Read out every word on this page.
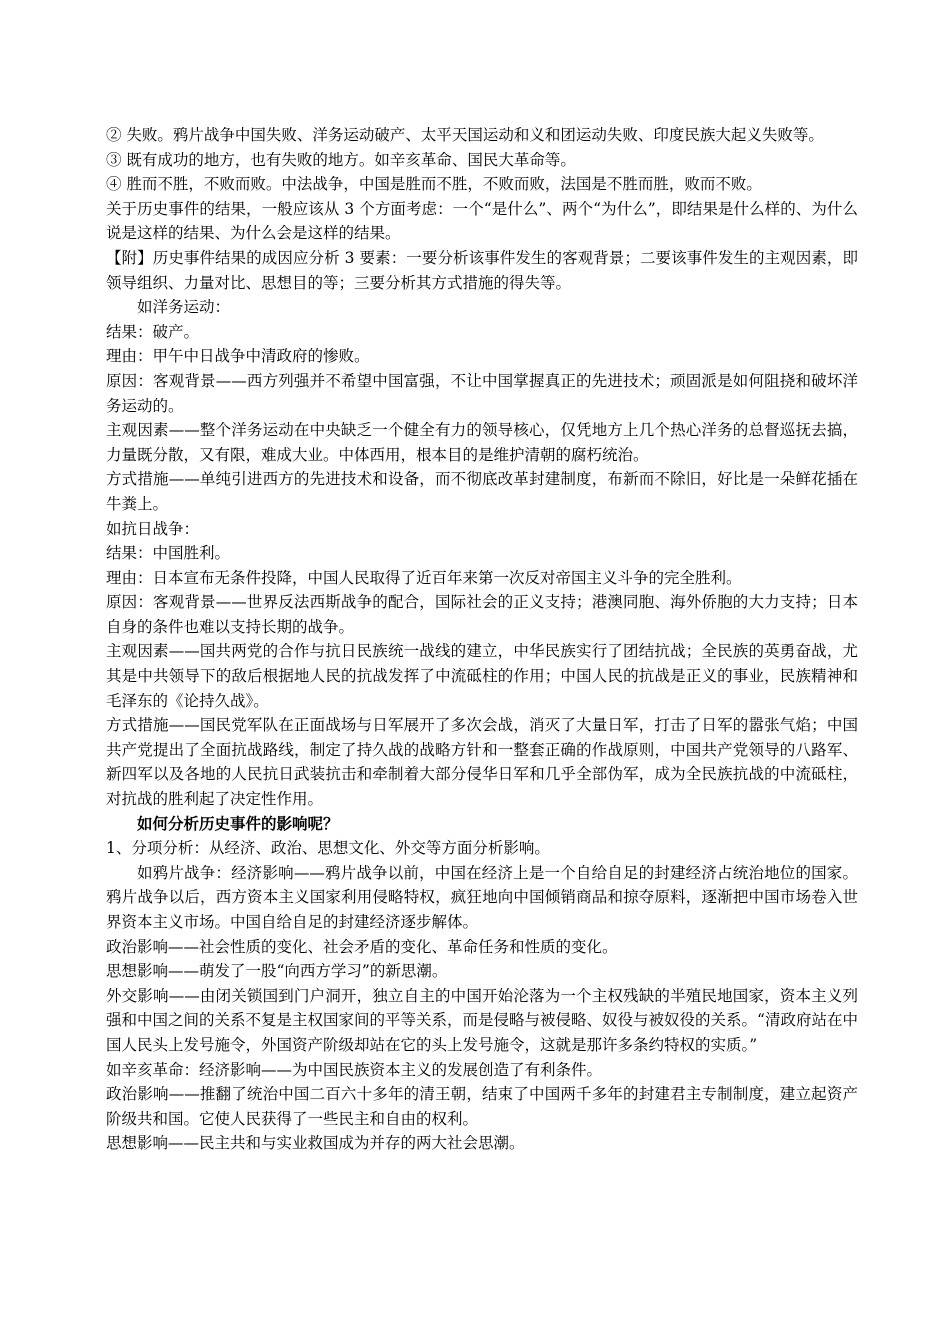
② 失败。鸦片战争中国失败、洋务运动破产、太平天国运动和义和团运动失败、印度民族大起义失败等。

③ 既有成功的地方，也有失败的地方。如辛亥革命、国民大革命等。

④ 胜而不胜，不败而败。中法战争，中国是胜而不胜，不败而败，法国是不胜而胜，败而不败。

关于历史事件的结果，一般应该从 3 个方面考虑：一个“是什么”、两个“为什么”，即结果是什么样的、为什么说是这样的结果、为什么会是这样的结果。

【附】历史事件结果的成因应分析 3 要素：一要分析该事件发生的客观背景；二要该事件发生的主观因素，即领导组织、力量对比、思想目的等；三要分析其方式措施的得失等。

如洋务运动：

结果：破产。

理由：甲午中日战争中清政府的惨败。

原因：客观背景——西方列强并不希望中国富强，不让中国掌握真正的先进技术；顽固派是如何阻挠和破坏洋务运动的。

主观因素——整个洋务运动在中央缺乏一个健全有力的领导核心，仅凭地方上几个热心洋务的总督巡抚去搞，力量既分散，又有限，难成大业。中体西用，根本目的是维护清朝的腐朽统治。

方式措施——单纯引进西方的先进技术和设备，而不彻底改革封建制度，布新而不除旧，好比是一朵鲜花插在牛粪上。

如抗日战争：

结果：中国胜利。

理由：日本宣布无条件投降，中国人民取得了近百年来第一次反对帝国主义斗争的完全胜利。

原因：客观背景——世界反法西斯战争的配合，国际社会的正义支持；港澳同胞、海外侨胞的大力支持；日本自身的条件也难以支持长期的战争。

主观因素——国共两党的合作与抗日民族统一战线的建立，中华民族实行了团结抗战；全民族的英勇奋战，尤其是中共领导下的敌后根据地人民的抗战发挥了中流砥柱的作用；中国人民的抗战是正义的事业，民族精神和毛泽东的《论持久战》。

方式措施——国民党军队在正面战场与日军展开了多次会战，消灭了大量日军，打击了日军的嚣张气焰；中国共产党提出了全面抗战路线，制定了持久战的战略方针和一整套正确的作战原则，中国共产党领导的八路军、新四军以及各地的人民抗日武装抗击和牵制着大部分侵华日军和几乎全部伪军，成为全民族抗战的中流砥柱，对抗战的胜利起了决定性作用。

如何分析历史事件的影响呢？

1、分项分析：从经济、政治、思想文化、外交等方面分析影响。

如鸦片战争：经济影响——鸦片战争以前，中国在经济上是一个自给自足的封建经济占统治地位的国家。鸦片战争以后，西方资本主义国家利用侵略特权，疯狂地向中国倾销商品和掠夺原料，逐渐把中国市场卷入世界资本主义市场。中国自给自足的封建经济逐步解体。

政治影响——社会性质的变化、社会矛盾的变化、革命任务和性质的变化。

思想影响——萌发了一股“向西方学习”的新思潮。

外交影响——由闭关锁国到门户洞开，独立自主的中国开始沦落为一个主权残缺的半殖民地国家，资本主义列强和中国之间的关系不复是主权国家间的平等关系，而是侵略与被侵略、奴役与被奴役的关系。“清政府站在中国人民头上发号施令，外国资产阶级却站在它的头上发号施令，这就是那许多条约特权的实质。”

如辛亥革命：经济影响——为中国民族资本主义的发展创造了有利条件。

政治影响——推翻了统治中国二百六十多年的清王朝，结束了中国两千多年的封建君主专制制度，建立起资产阶级共和国。它使人民获得了一些民主和自由的权利。

思想影响——民主共和与实业救国成为并存的两大社会思潮。
